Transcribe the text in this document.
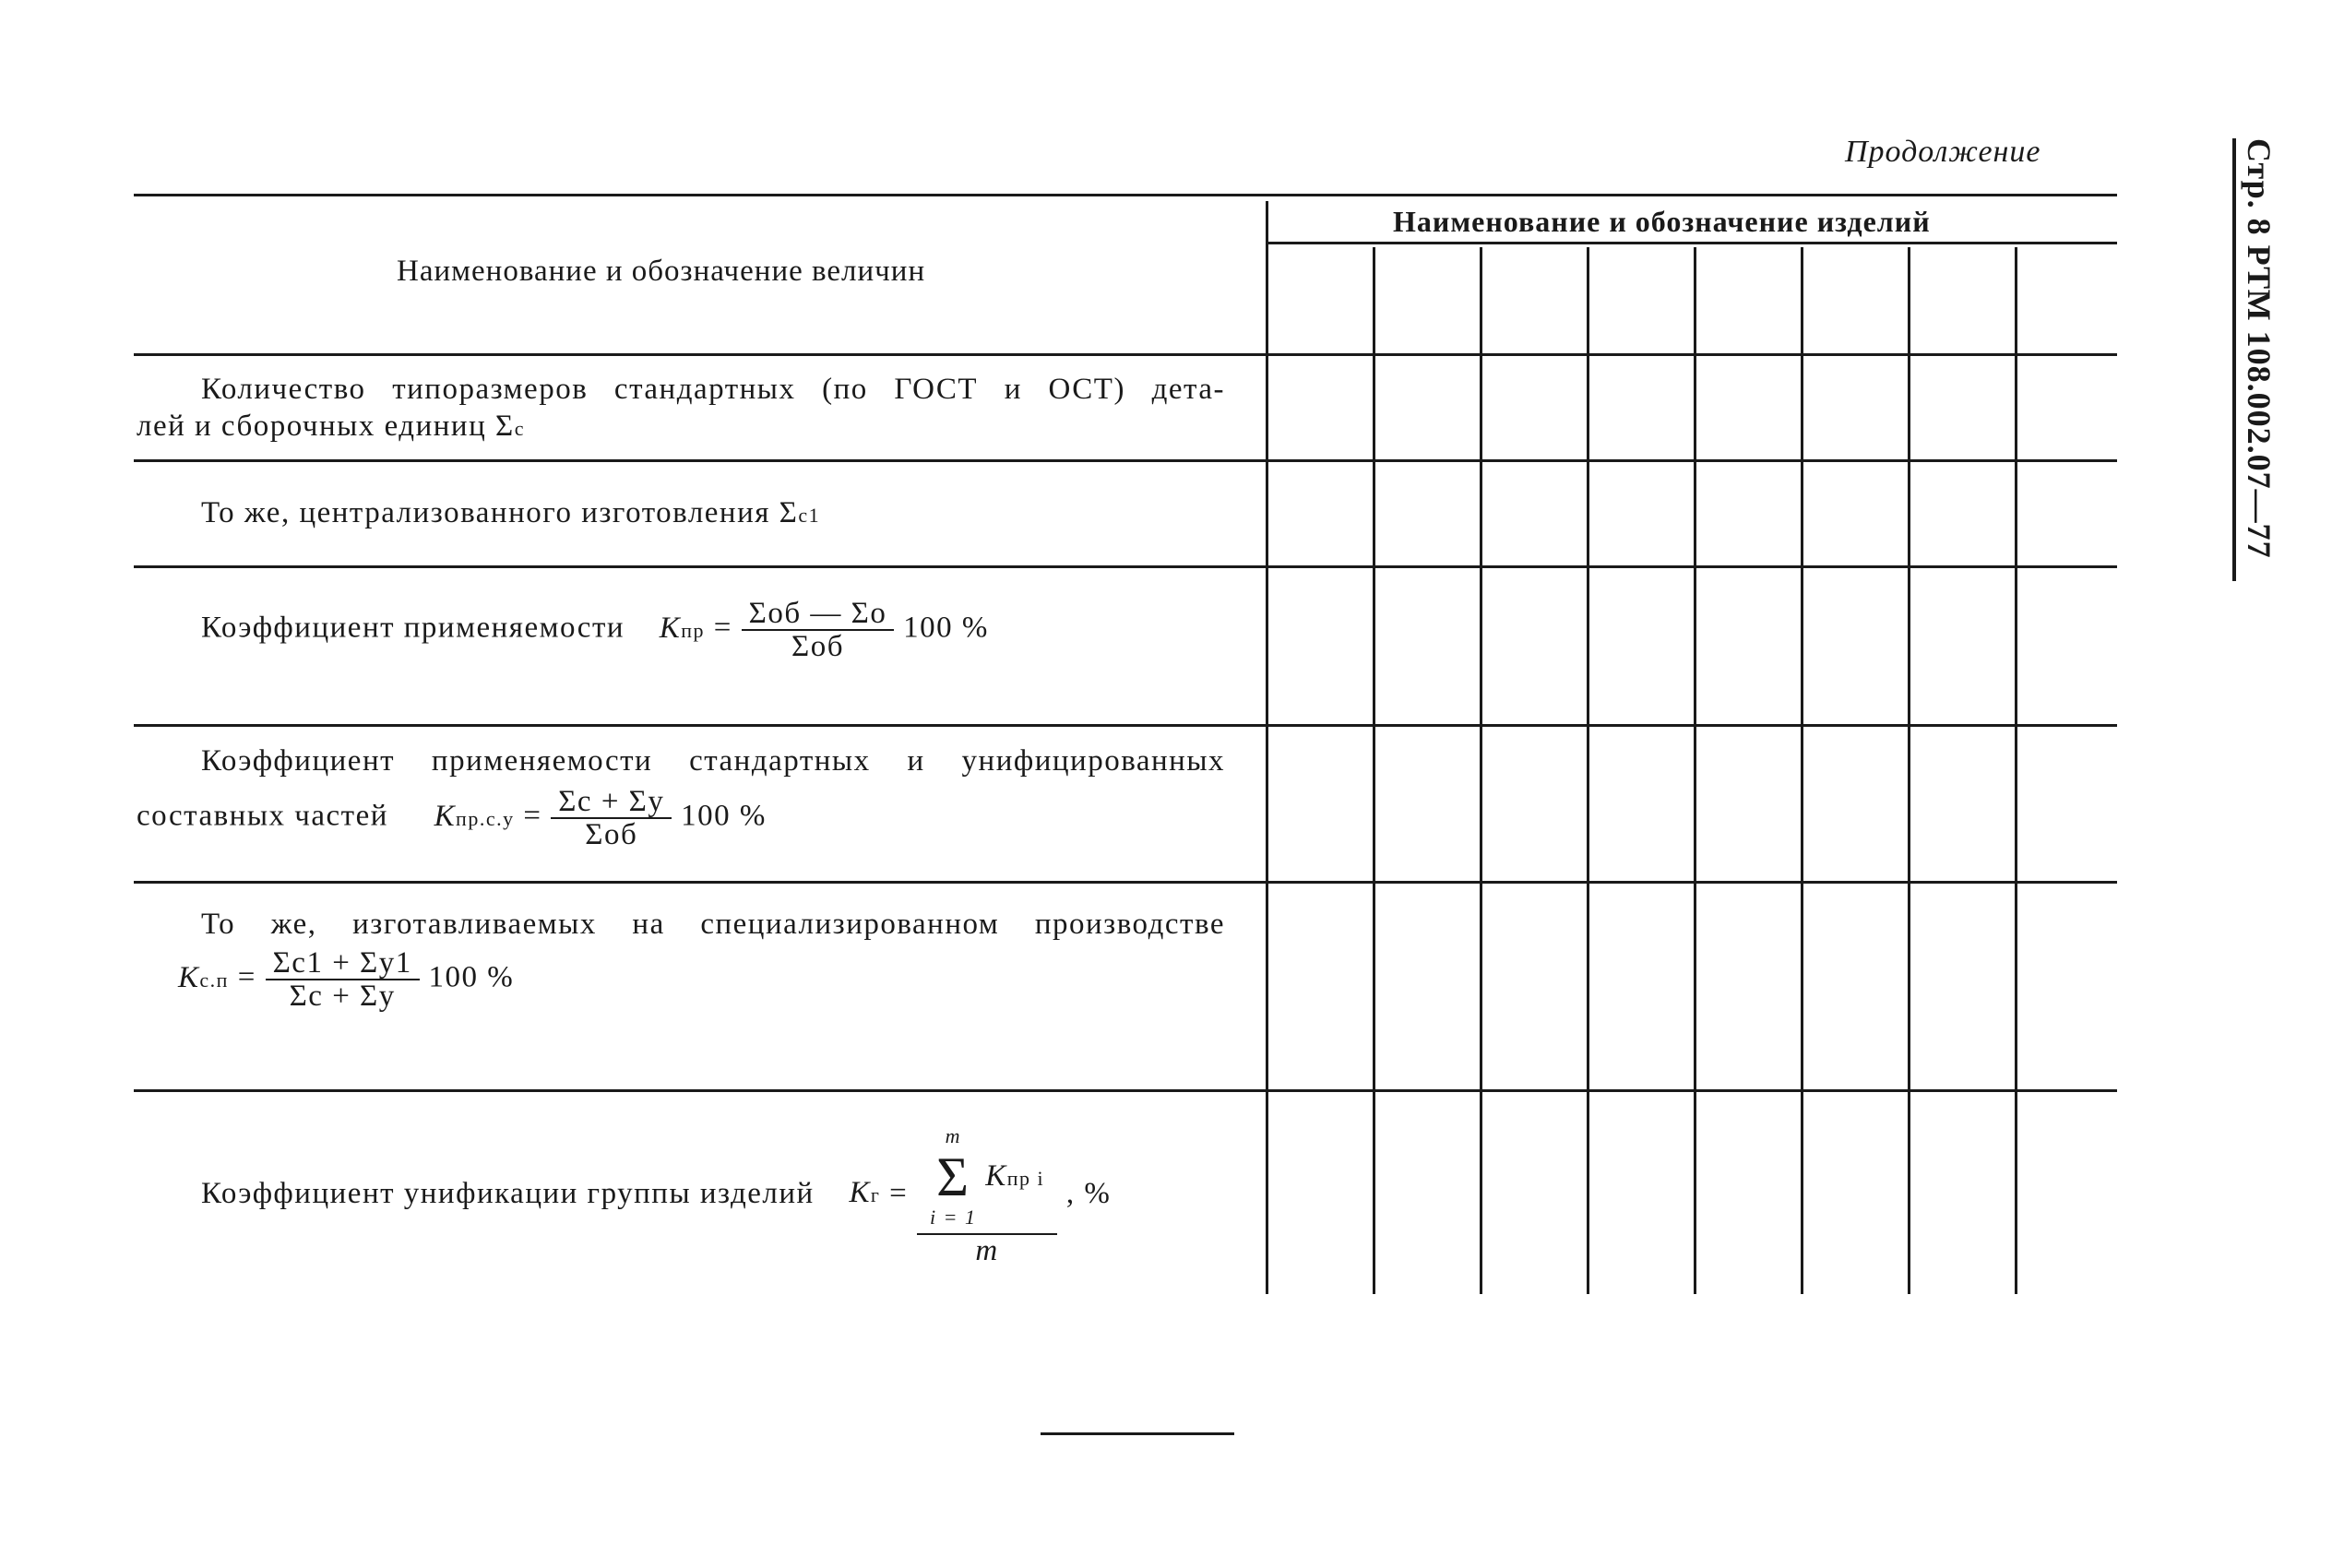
Продолжение	Стр. 8 РТМ 108.002.07—77
Наименование и обозначение величин
Наименование и обозначение изделий
Количество типоразмеров стандартных (по ГОСТ и ОСТ) дета-
лей и сборочных единиц Σс
То же, централизованного изготовления Σс1
Коэффициент применяемости Кпр = $\frac{\text{Σоб — Σо}}{\text{Σоб}} 100$ %
Коэффициент применяемости стандартных и унифицированных
составных частей $Кпр.с.у = \frac{\Sigma с + \Sigma у}{\text{Σоб}} 100$ %
То же, изготавливаемых на специализированном производстве
$Кс.п = \frac{\Sigma с1 + \Sigma у1}{\Sigma с + \Sigma у} 100$ %
Коэффициент унификации группы изделий Кг = m
Σ
i = 1
Кпр i
m , %
